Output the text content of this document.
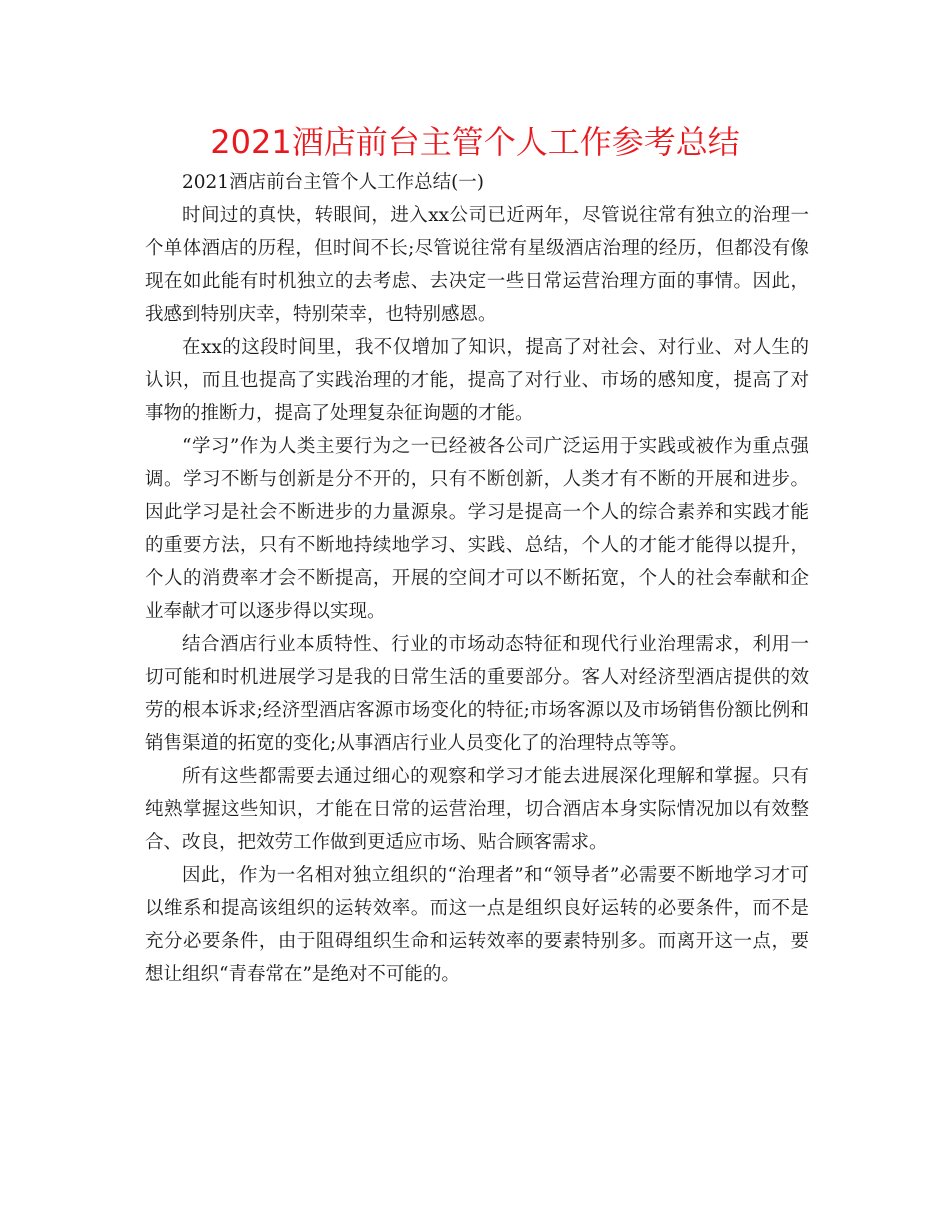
2021酒店前台主管个人工作参考总结

2021酒店前台主管个人工作总结(一)

时间过的真快，转眼间，进入xx公司已近两年，尽管说往常有独立的治理一个单体酒店的历程，但时间不长;尽管说往常有星级酒店治理的经历，但都没有像现在如此能有时机独立的去考虑、去决定一些日常运营治理方面的事情。因此，我感到特别庆幸，特别荣幸，也特别感恩。

在xx的这段时间里，我不仅增加了知识，提高了对社会、对行业、对人生的认识，而且也提高了实践治理的才能，提高了对行业、市场的感知度，提高了对事物的推断力，提高了处理复杂征询题的才能。

“学习”作为人类主要行为之一已经被各公司广泛运用于实践或被作为重点强调。学习不断与创新是分不开的，只有不断创新，人类才有不断的开展和进步。因此学习是社会不断进步的力量源泉。学习是提高一个人的综合素养和实践才能的重要方法，只有不断地持续地学习、实践、总结，个人的才能才能得以提升，个人的消费率才会不断提高，开展的空间才可以不断拓宽，个人的社会奉献和企业奉献才可以逐步得以实现。

结合酒店行业本质特性、行业的市场动态特征和现代行业治理需求，利用一切可能和时机进展学习是我的日常生活的重要部分。客人对经济型酒店提供的效劳的根本诉求;经济型酒店客源市场变化的特征;市场客源以及市场销售份额比例和销售渠道的拓宽的变化;从事酒店行业人员变化了的治理特点等等。

所有这些都需要去通过细心的观察和学习才能去进展深化理解和掌握。只有纯熟掌握这些知识，才能在日常的运营治理，切合酒店本身实际情况加以有效整合、改良，把效劳工作做到更适应市场、贴合顾客需求。

因此，作为一名相对独立组织的“治理者”和“领导者”必需要不断地学习才可以维系和提高该组织的运转效率。而这一点是组织良好运转的必要条件，而不是充分必要条件，由于阻碍组织生命和运转效率的要素特别多。而离开这一点，要想让组织“青春常在”是绝对不可能的。
